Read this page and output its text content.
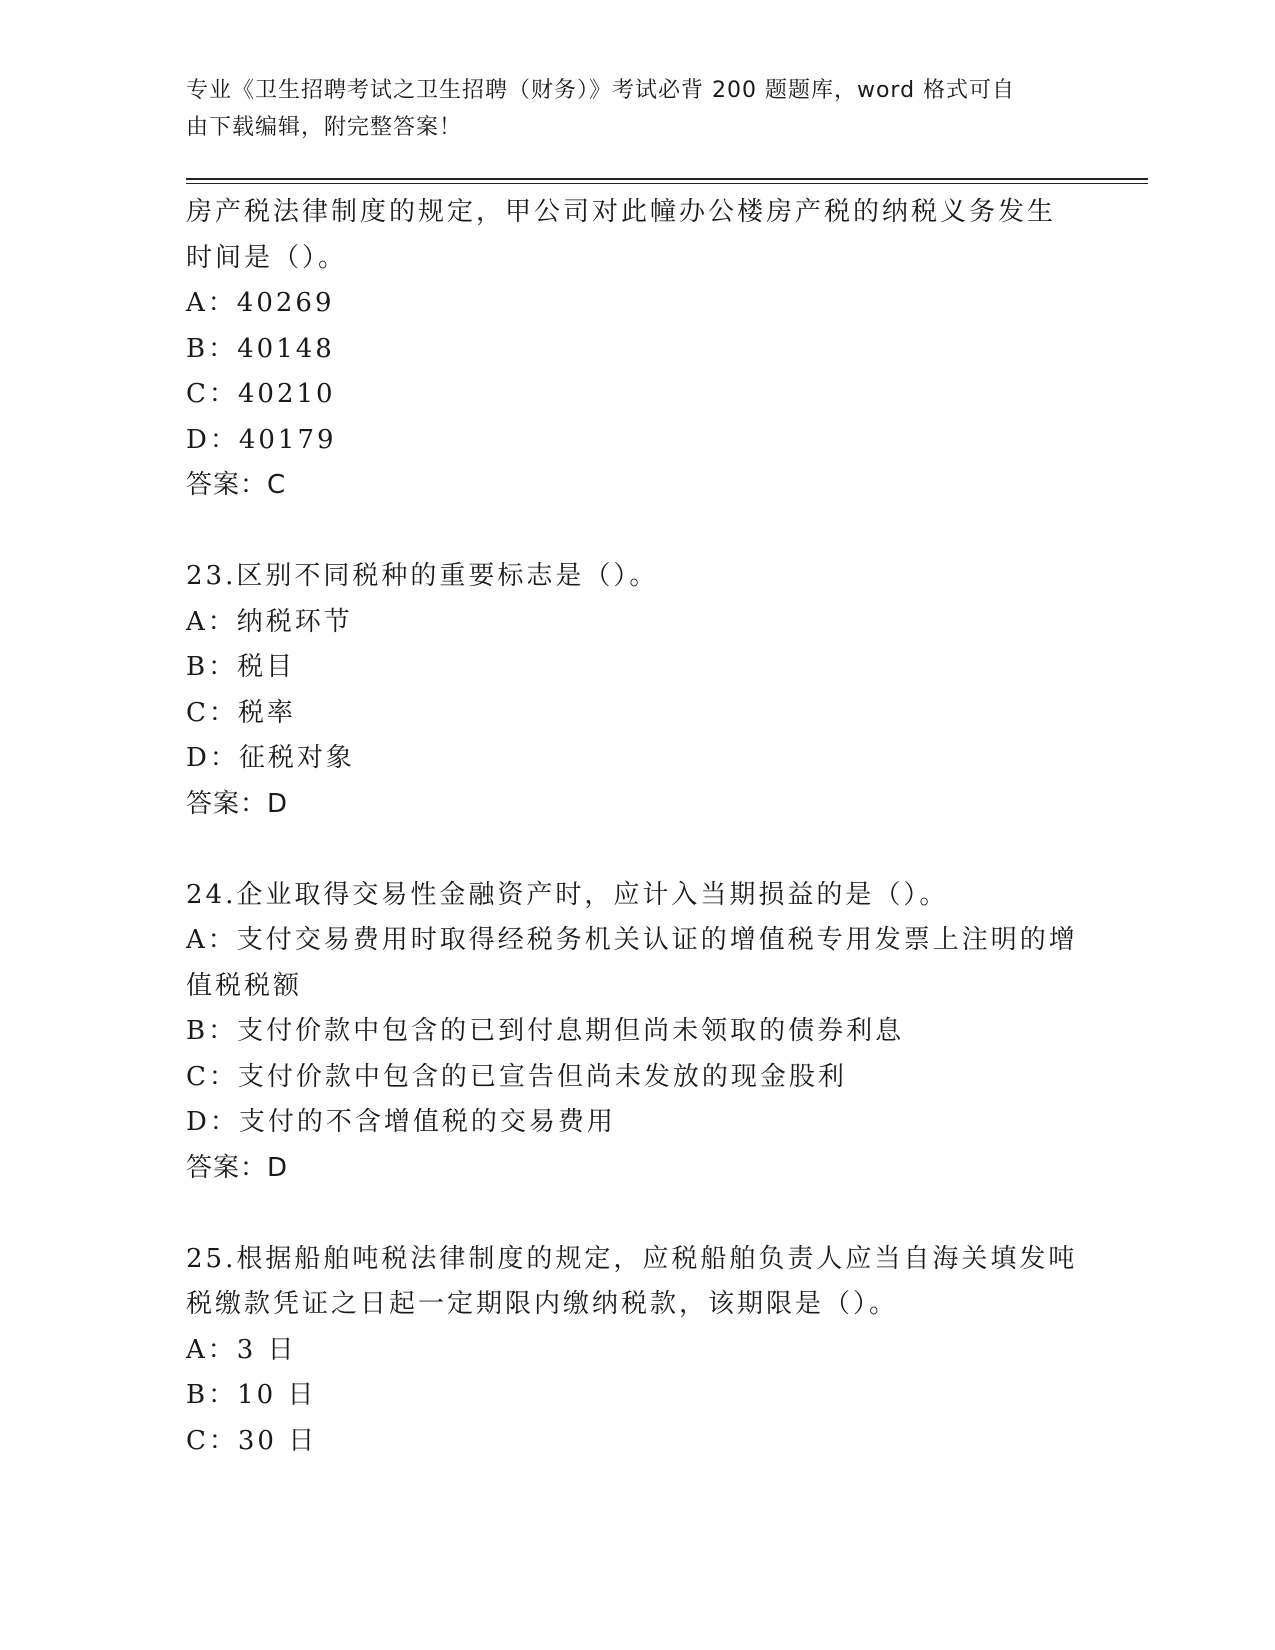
专业《卫生招聘考试之卫生招聘（财务）》考试必背 200 题题库，word 格式可自
由下载编辑，附完整答案！
房产税法律制度的规定，甲公司对此幢办公楼房产税的纳税义务发生
时间是（）。
A：40269
B：40148
C：40210
D：40179
答案：C
23.区别不同税种的重要标志是（）。
A：纳税环节
B：税目
C：税率
D：征税对象
答案：D
24.企业取得交易性金融资产时，应计入当期损益的是（）。
A：支付交易费用时取得经税务机关认证的增值税专用发票上注明的增
值税税额
B：支付价款中包含的已到付息期但尚未领取的债券利息
C：支付价款中包含的已宣告但尚未发放的现金股利
D：支付的不含增值税的交易费用
答案：D
25.根据船舶吨税法律制度的规定，应税船舶负责人应当自海关填发吨
税缴款凭证之日起一定期限内缴纳税款，该期限是（）。
A：3 日
B：10 日
C：30 日
